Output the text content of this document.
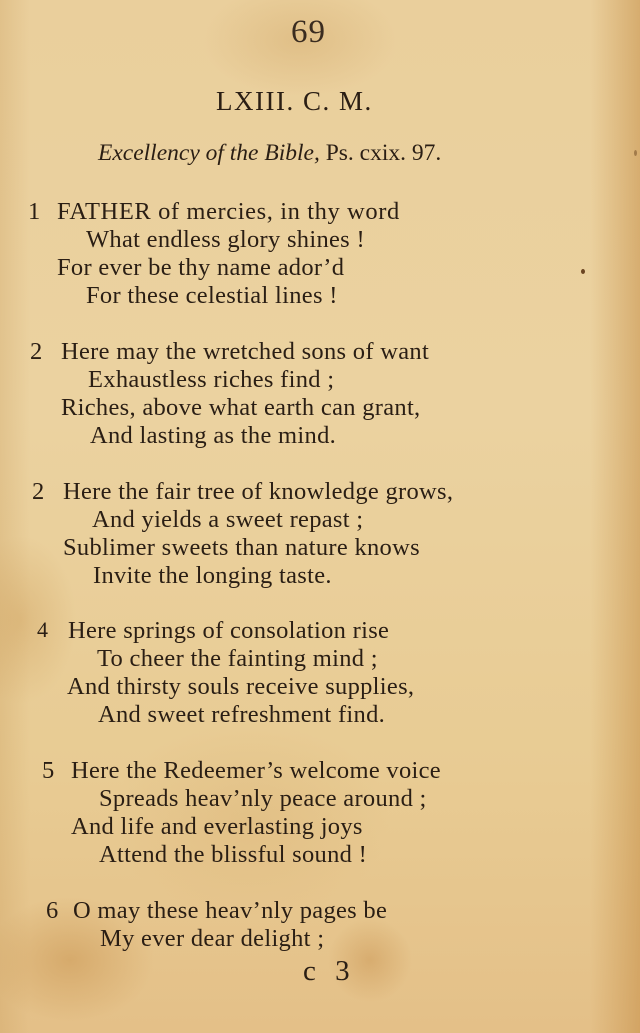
69
LXIII. C. M.
Excellency of the Bible, Ps. cxix. 97.
1 FATHER of mercies, in thy word
What endless glory shines !
For ever be thy name ador’d
For these celestial lines !
2 Here may the wretched sons of want
Exhaustless riches find ;
Riches, above what earth can grant,
And lasting as the mind.
2 Here the fair tree of knowledge grows,
And yields a sweet repast ;
Sublimer sweets than nature knows
Invite the longing taste.
4 Here springs of consolation rise
To cheer the fainting mind ;
And thirsty souls receive supplies,
And sweet refreshment find.
5 Here the Redeemer’s welcome voice
Spreads heav’nly peace around ;
And life and everlasting joys
Attend the blissful sound !
6 O may these heav’nly pages be
My ever dear delight ;
c 3
